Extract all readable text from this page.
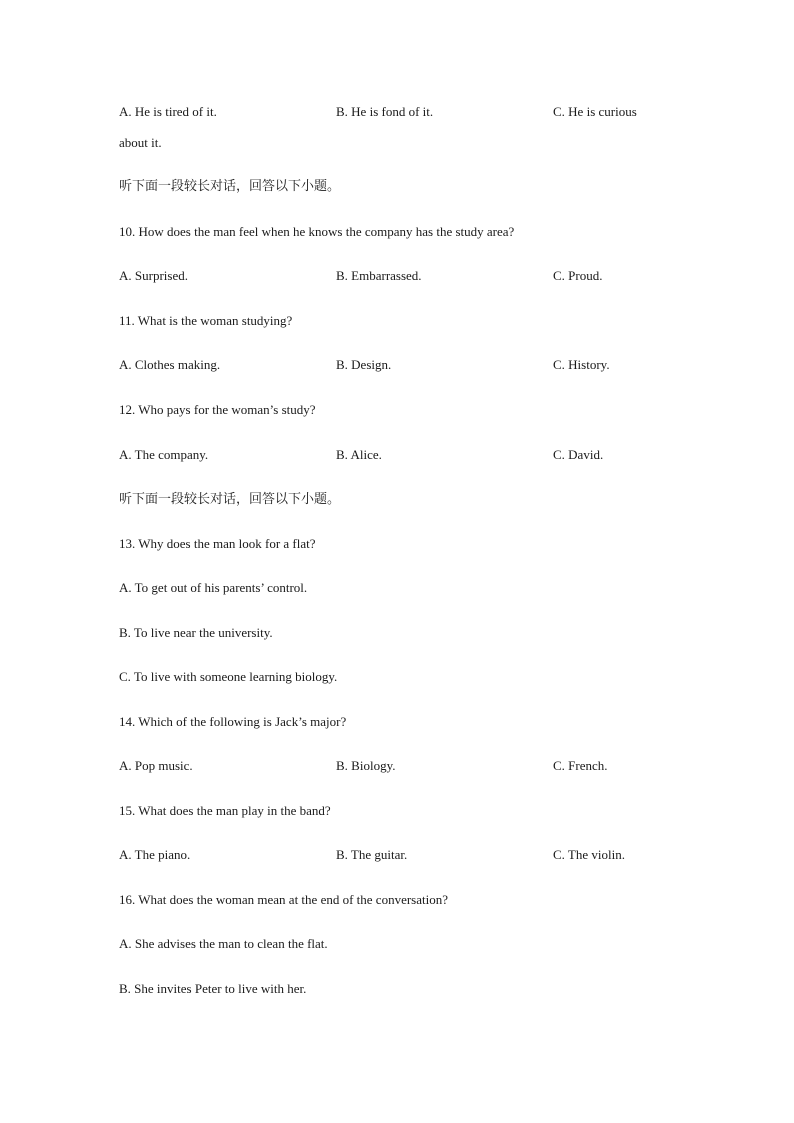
A. He is tired of it.	B. He is fond of it.	C. He is curious
about it.
听下面一段较长对话，回答以下小题。
10. How does the man feel when he knows the company has the study area?
A. Surprised.	B. Embarrassed.	C. Proud.
11. What is the woman studying?
A. Clothes making.	B. Design.	C. History.
12. Who pays for the woman’s study?
A. The company.	B. Alice.	C. David.
听下面一段较长对话，回答以下小题。
13. Why does the man look for a flat?
A. To get out of his parents’ control.
B. To live near the university.
C. To live with someone learning biology.
14. Which of the following is Jack’s major?
A. Pop music.	B. Biology.	C. French.
15. What does the man play in the band?
A. The piano.	B. The guitar.	C. The violin.
16. What does the woman mean at the end of the conversation?
A. She advises the man to clean the flat.
B. She invites Peter to live with her.
